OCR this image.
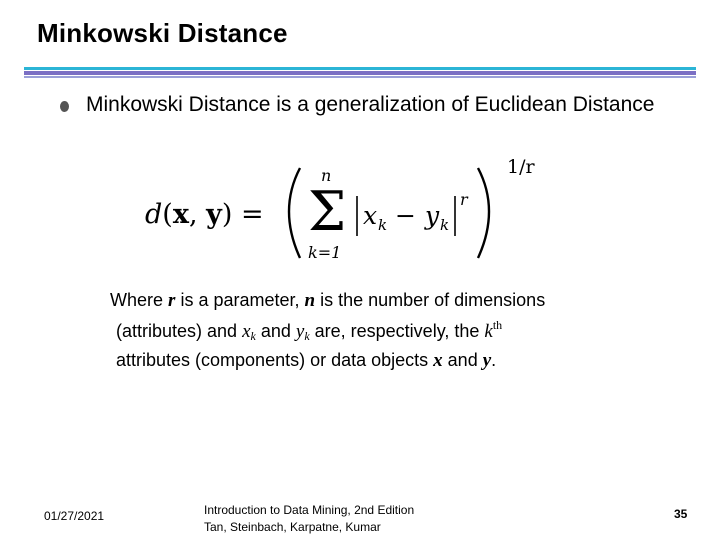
Minkowski Distance
Minkowski Distance is a generalization of Euclidean Distance
d(x, y) = Σ
n
k=1
x k − y k
r
1/r
Where r is a parameter, n is the number of dimensions
(attributes) and $x_k$ and $y_k$ are, respectively, the $k^{th}$
attributes (components) or data objects x and y.
01/27/2021	Introduction to Data Mining, 2nd Edition
Tan, Steinbach, Karpatne, Kumar
35
